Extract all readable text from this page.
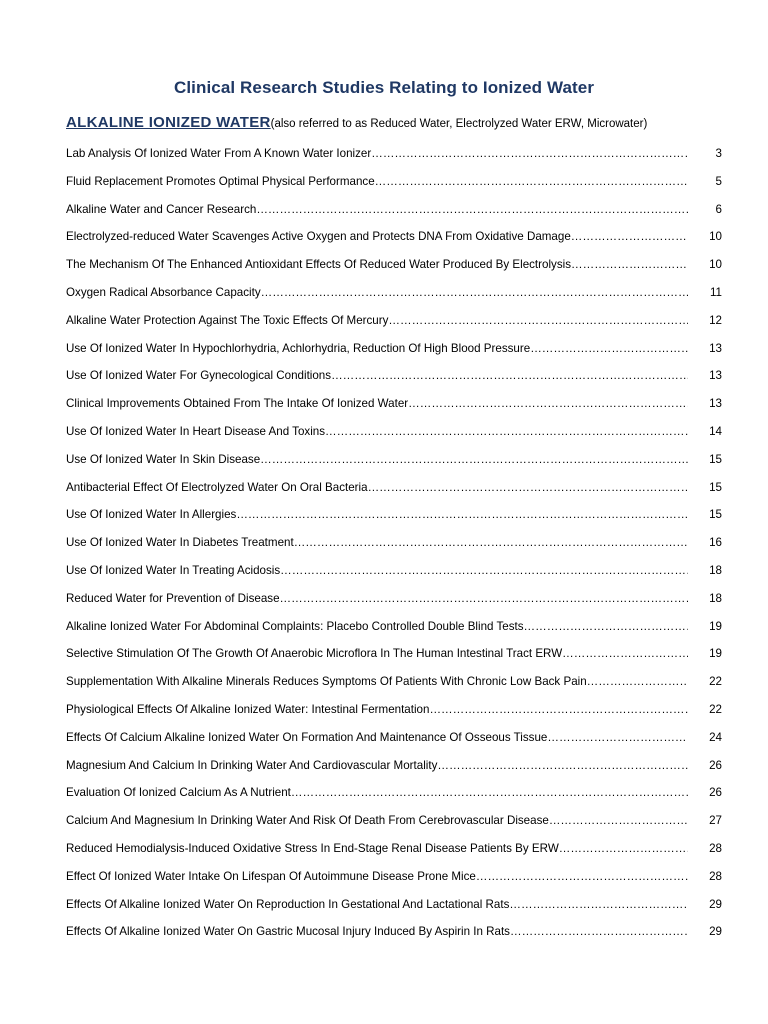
Clinical Research Studies Relating to Ionized Water
ALKALINE IONIZED WATER(also referred to as Reduced Water, Electrolyzed Water ERW, Microwater)
Lab Analysis Of Ionized Water From A Known Water Ionizer ………………………………………………………………………………………………………………………………………………………………………………………………………………………	3
Fluid Replacement Promotes Optimal Physical Performance ………………………………………………………………………………………………………………………………………………………………………………………………………………………	5
Alkaline Water and Cancer Research ………………………………………………………………………………………………………………………………………………………………………………………………………………………	6
Electrolyzed-reduced Water Scavenges Active Oxygen and Protects DNA From Oxidative Damage ………………………………………………………………………………………………………………………………………………………………………………………………………………………	10
The Mechanism Of The Enhanced Antioxidant Effects Of Reduced Water Produced By Electrolysis ………………………………………………………………………………………………………………………………………………………………………………………………………………………	10
Oxygen Radical Absorbance Capacity ………………………………………………………………………………………………………………………………………………………………………………………………………………………	11
Alkaline Water Protection Against The Toxic Effects Of Mercury ………………………………………………………………………………………………………………………………………………………………………………………………………………………	12
Use Of Ionized Water In Hypochlorhydria, Achlorhydria, Reduction Of High Blood Pressure ………………………………………………………………………………………………………………………………………………………………………………………………………………………	13
Use Of Ionized Water For Gynecological Conditions ………………………………………………………………………………………………………………………………………………………………………………………………………………………	13
Clinical Improvements Obtained From The Intake Of Ionized Water ………………………………………………………………………………………………………………………………………………………………………………………………………………………	13
Use Of Ionized Water In Heart Disease And Toxins ………………………………………………………………………………………………………………………………………………………………………………………………………………………	14
Use Of Ionized Water In Skin Disease ………………………………………………………………………………………………………………………………………………………………………………………………………………………	15
Antibacterial Effect Of Electrolyzed Water On Oral Bacteria ………………………………………………………………………………………………………………………………………………………………………………………………………………………	15
Use Of Ionized Water In Allergies ………………………………………………………………………………………………………………………………………………………………………………………………………………………	15
Use Of Ionized Water In Diabetes Treatment ………………………………………………………………………………………………………………………………………………………………………………………………………………………	16
Use Of Ionized Water In Treating Acidosis ………………………………………………………………………………………………………………………………………………………………………………………………………………………	18
Reduced Water for Prevention of Disease ………………………………………………………………………………………………………………………………………………………………………………………………………………………	18
Alkaline Ionized Water For Abdominal Complaints: Placebo Controlled Double Blind Tests ………………………………………………………………………………………………………………………………………………………………………………………………………………………	19
Selective Stimulation Of The Growth Of Anaerobic Microflora In The Human Intestinal Tract ERW ………………………………………………………………………………………………………………………………………………………………………………………………………………………	19
Supplementation With Alkaline Minerals Reduces Symptoms Of Patients With Chronic Low Back Pain ………………………………………………………………………………………………………………………………………………………………………………………………………………………	22
Physiological Effects Of Alkaline Ionized Water: Intestinal Fermentation ………………………………………………………………………………………………………………………………………………………………………………………………………………………	22
Effects Of Calcium Alkaline Ionized Water On Formation And Maintenance Of Osseous Tissue ………………………………………………………………………………………………………………………………………………………………………………………………………………………	24
Magnesium And Calcium In Drinking Water And Cardiovascular Mortality ………………………………………………………………………………………………………………………………………………………………………………………………………………………	26
Evaluation Of Ionized Calcium As A Nutrient ………………………………………………………………………………………………………………………………………………………………………………………………………………………	26
Calcium And Magnesium In Drinking Water And Risk Of Death From Cerebrovascular Disease ………………………………………………………………………………………………………………………………………………………………………………………………………………………	27
Reduced Hemodialysis-Induced Oxidative Stress In End-Stage Renal Disease Patients By ERW ………………………………………………………………………………………………………………………………………………………………………………………………………………………	28
Effect Of Ionized Water Intake On Lifespan Of Autoimmune Disease Prone Mice ………………………………………………………………………………………………………………………………………………………………………………………………………………………	28
Effects Of Alkaline Ionized Water On Reproduction In Gestational And Lactational Rats ………………………………………………………………………………………………………………………………………………………………………………………………………………………	29
Effects Of Alkaline Ionized Water On Gastric Mucosal Injury Induced By Aspirin In Rats ………………………………………………………………………………………………………………………………………………………………………………………………………………………	29
